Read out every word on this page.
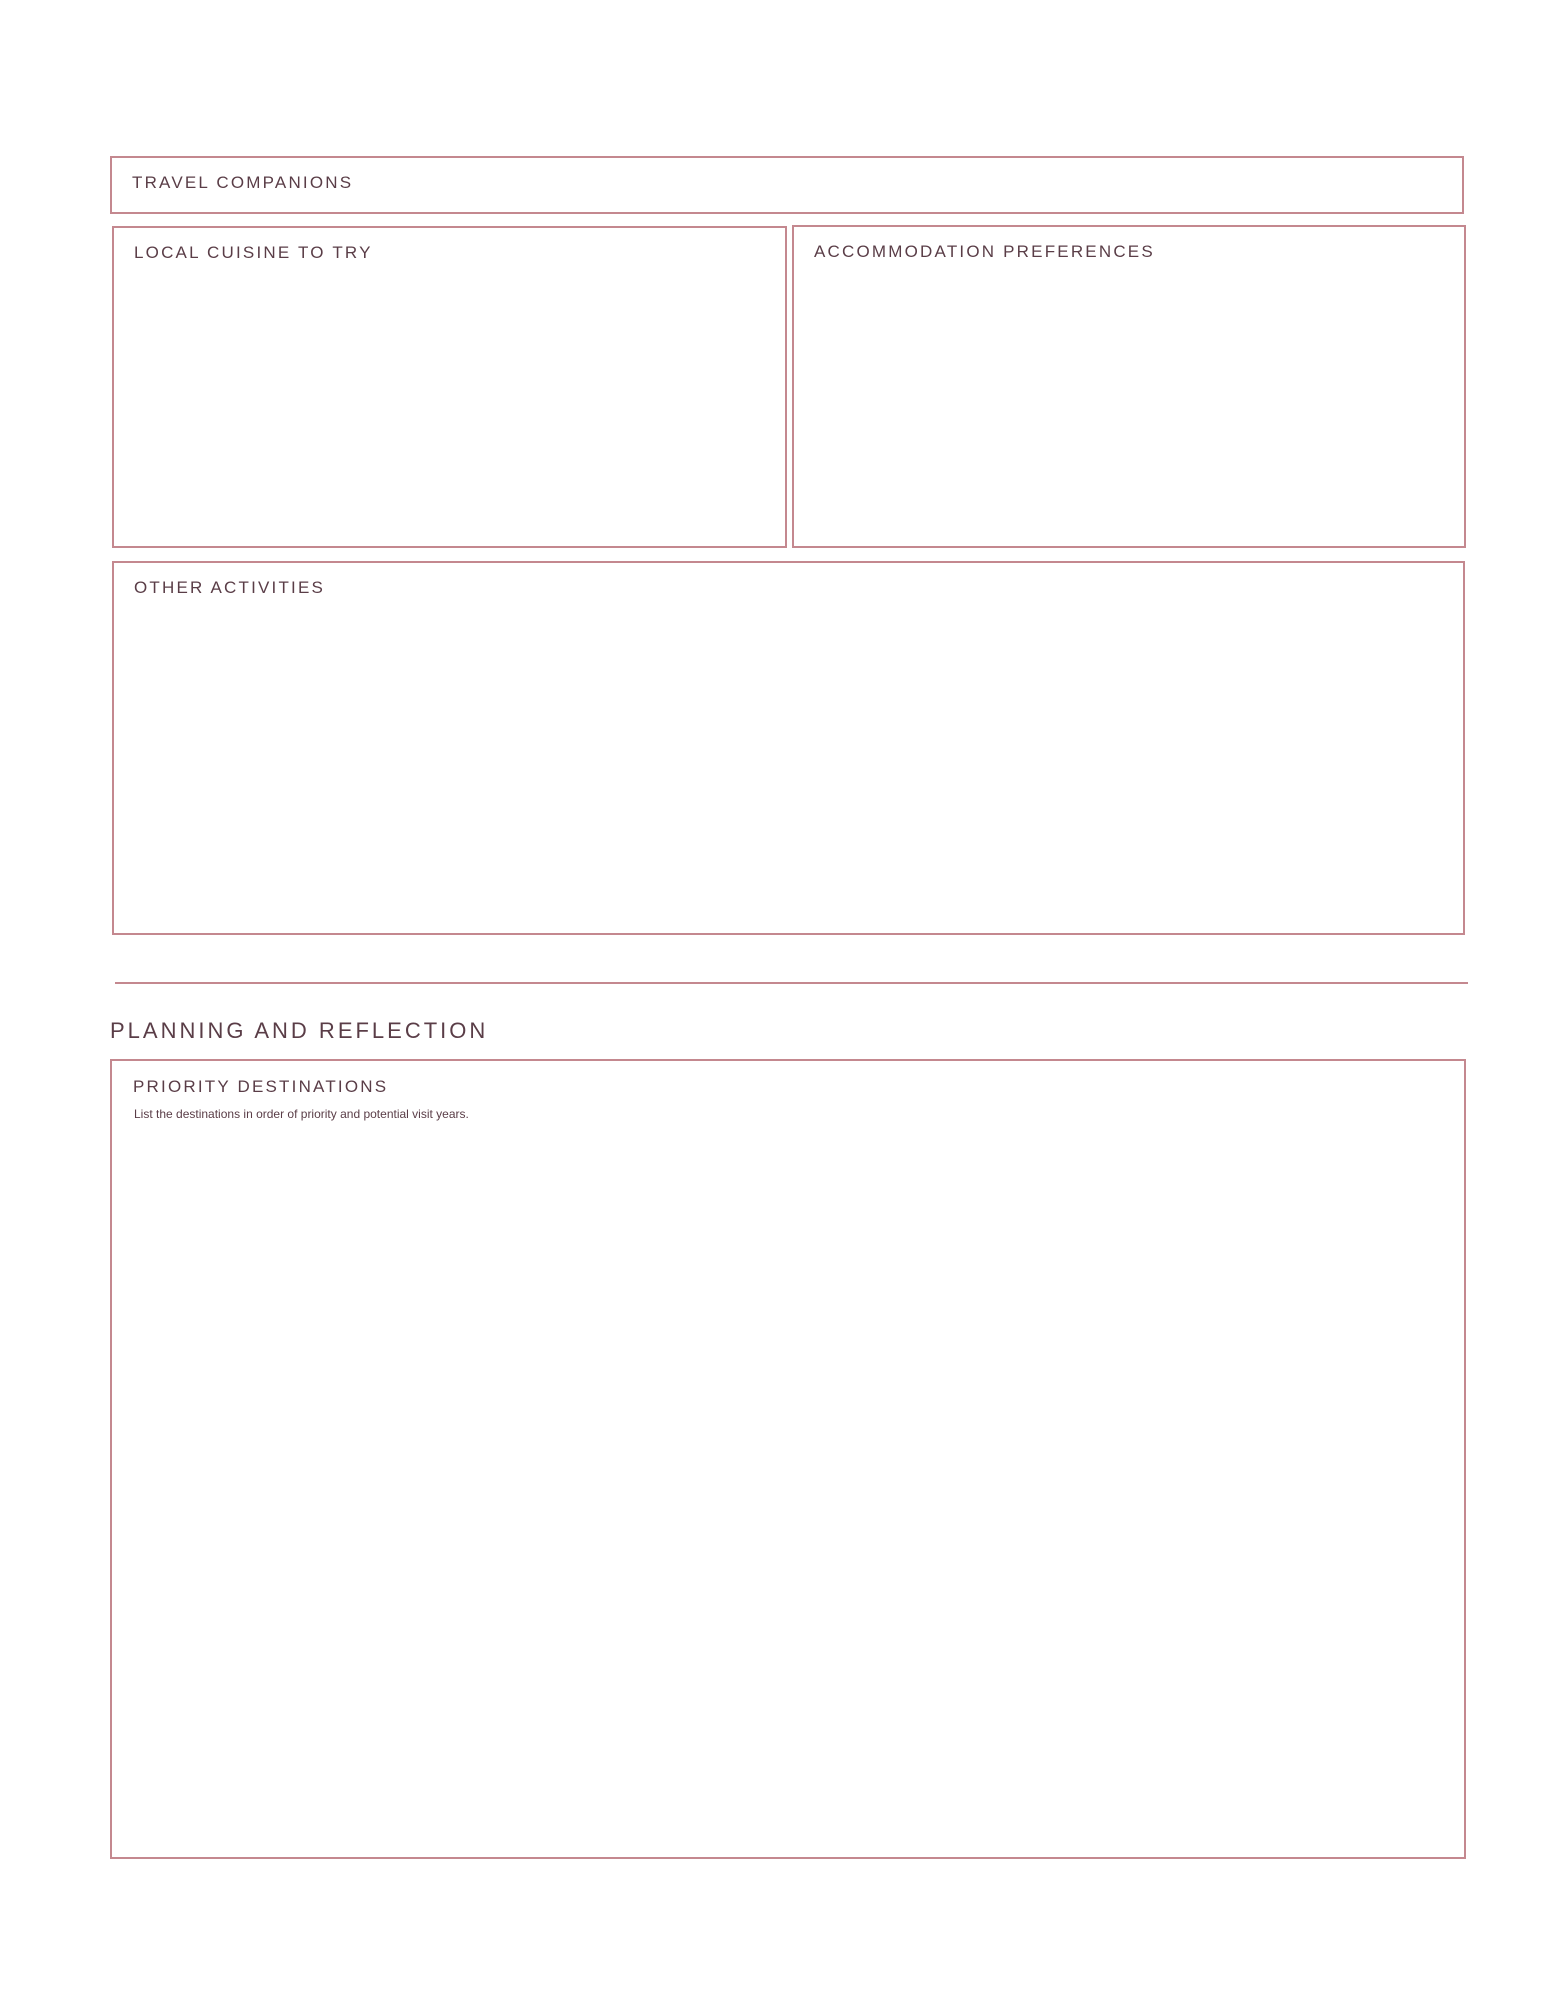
TRAVEL COMPANIONS
LOCAL CUISINE TO TRY	ACCOMMODATION PREFERENCES
OTHER ACTIVITIES
PLANNING AND REFLECTION
PRIORITY DESTINATIONS
List the destinations in order of priority and potential visit years.
